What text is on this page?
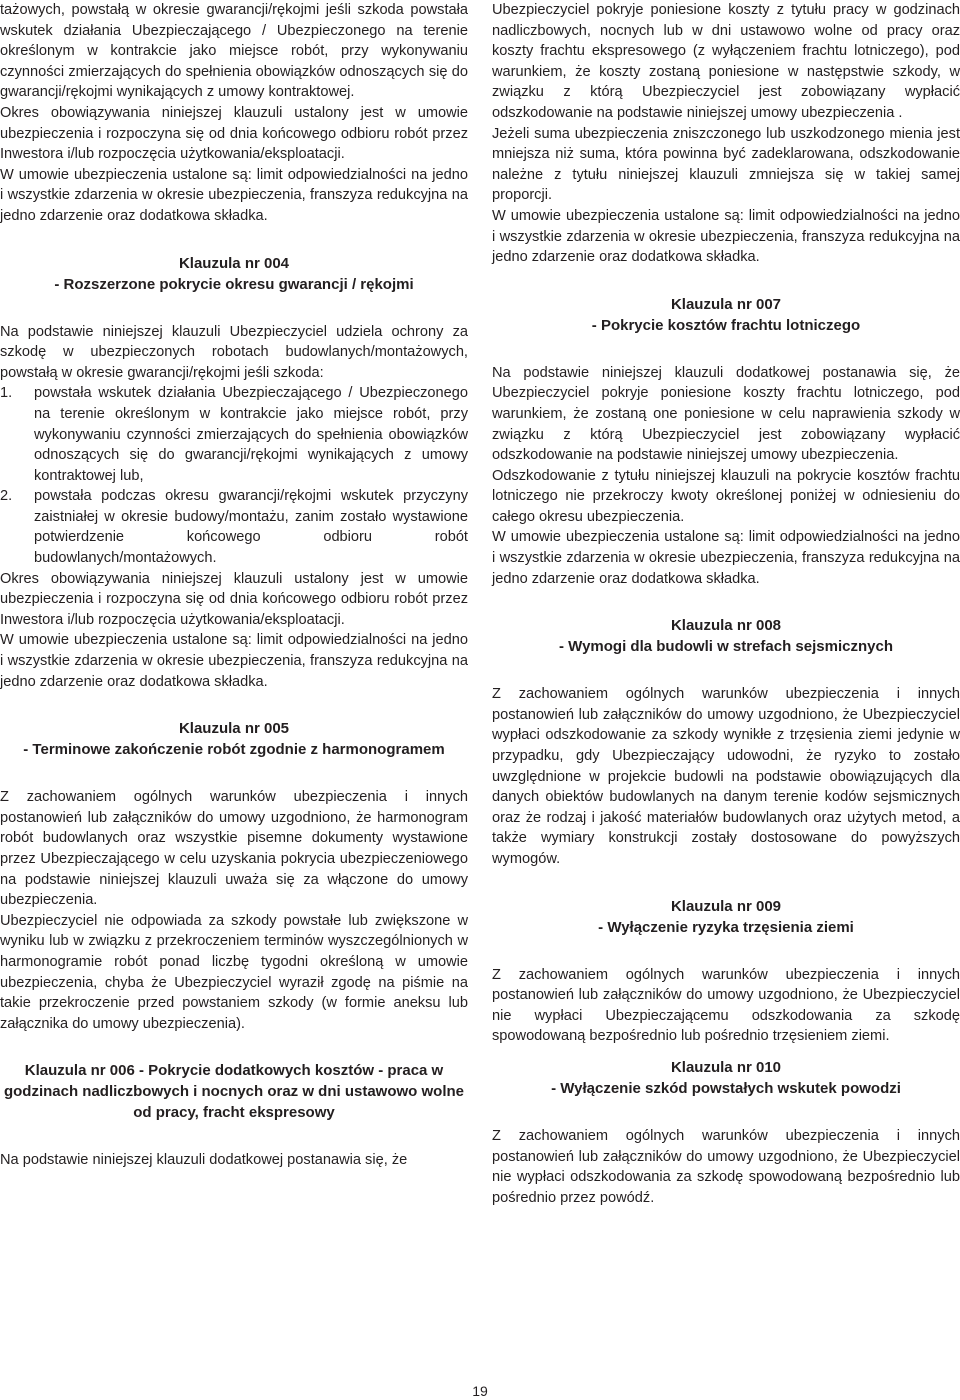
tażowych, powstałą w okresie gwarancji/rękojmi jeśli szkoda powstała wskutek działania Ubezpieczającego / Ubezpieczonego na terenie określonym w kontrakcie jako miejsce robót, przy wykonywaniu czynności zmierzających do spełnienia obowiązków odnoszących się do gwarancji/rękojmi wynikających z umowy kontraktowej.

Okres obowiązywania niniejszej klauzuli ustalony jest w umowie ubezpieczenia i rozpoczyna się od dnia końcowego odbioru robót przez Inwestora i/lub rozpoczęcia użytkowania/eksploatacji.

W umowie ubezpieczenia ustalone są: limit odpowiedzialności na jedno i wszystkie zdarzenia w okresie ubezpieczenia, franszyza redukcyjna na jedno zdarzenie oraz dodatkowa składka.

Klauzula nr 004
- Rozszerzone pokrycie okresu gwarancji / rękojmi

Na podstawie niniejszej klauzuli Ubezpieczyciel udziela ochrony za szkodę w ubezpieczonych robotach budowlanych/montażowych, powstałą w okresie gwarancji/rękojmi jeśli szkoda:

1.	powstała wskutek działania Ubezpieczającego / Ubezpieczonego na terenie określonym w kontrakcie jako miejsce robót, przy wykonywaniu czynności zmierzających do spełnienia obowiązków odnoszących się do gwarancji/rękojmi wynikających z umowy kontraktowej lub,
2.	powstała podczas okresu gwarancji/rękojmi wskutek przyczyny zaistniałej w okresie budowy/montażu, zanim zostało wystawione potwierdzenie końcowego odbioru robót budowlanych/montażowych.

Okres obowiązywania niniejszej klauzuli ustalony jest w umowie ubezpieczenia i rozpoczyna się od dnia końcowego odbioru robót przez Inwestora i/lub rozpoczęcia użytkowania/eksploatacji.

W umowie ubezpieczenia ustalone są: limit odpowiedzialności na jedno i wszystkie zdarzenia w okresie ubezpieczenia, franszyza redukcyjna na jedno zdarzenie oraz dodatkowa składka.

Klauzula nr 005
- Terminowe zakończenie robót zgodnie z harmonogramem

Z zachowaniem ogólnych warunków ubezpieczenia i innych postanowień lub załączników do umowy uzgodniono, że harmonogram robót budowlanych oraz wszystkie pisemne dokumenty wystawione przez Ubezpieczającego w celu uzyskania pokrycia ubezpieczeniowego na podstawie niniejszej klauzuli uważa się za włączone do umowy ubezpieczenia.

Ubezpieczyciel nie odpowiada za szkody powstałe lub zwiększone w wyniku lub w związku z przekroczeniem terminów wyszczególnionych w harmonogramie robót ponad liczbę tygodni określoną w umowie ubezpieczenia, chyba że Ubezpieczyciel wyraził zgodę na piśmie na takie przekroczenie przed powstaniem szkody (w formie aneksu lub załącznika do umowy ubezpieczenia).

Klauzula nr 006 - Pokrycie dodatkowych kosztów - praca w godzinach nadliczbowych i nocnych oraz w dni ustawowo wolne od pracy, fracht ekspresowy

Na podstawie niniejszej klauzuli dodatkowej postanawia się, że

Ubezpieczyciel pokryje poniesione koszty z tytułu pracy w godzinach nadliczbowych, nocnych lub w dni ustawowo wolne od pracy oraz koszty frachtu ekspresowego (z wyłączeniem frachtu lotniczego), pod warunkiem, że koszty zostaną poniesione w następstwie szkody, w związku z którą Ubezpieczyciel jest zobowiązany wypłacić odszkodowanie na podstawie niniejszej umowy ubezpieczenia .

Jeżeli suma ubezpieczenia zniszczonego lub uszkodzonego mienia jest mniejsza niż suma, która powinna być zadeklarowana, odszkodowanie należne z tytułu niniejszej klauzuli zmniejsza się w takiej samej proporcji.

W umowie ubezpieczenia ustalone są: limit odpowiedzialności na jedno i wszystkie zdarzenia w okresie ubezpieczenia, franszyza redukcyjna na jedno zdarzenie oraz dodatkowa składka.

Klauzula nr 007
- Pokrycie kosztów frachtu lotniczego

Na podstawie niniejszej klauzuli dodatkowej postanawia się, że Ubezpieczyciel pokryje poniesione koszty frachtu lotniczego, pod warunkiem, że zostaną one poniesione w celu naprawienia szkody w związku z którą Ubezpieczyciel jest zobowiązany wypłacić odszkodowanie na podstawie niniejszej umowy ubezpieczenia.

Odszkodowanie z tytułu niniejszej klauzuli na pokrycie kosztów frachtu lotniczego nie przekroczy kwoty określonej poniżej w odniesieniu do całego okresu ubezpieczenia.

W umowie ubezpieczenia ustalone są: limit odpowiedzialności na jedno i wszystkie zdarzenia w okresie ubezpieczenia, franszyza redukcyjna na jedno zdarzenie oraz dodatkowa składka.

Klauzula nr 008
- Wymogi dla budowli w strefach sejsmicznych

Z zachowaniem ogólnych warunków ubezpieczenia i innych postanowień lub załączników do umowy uzgodniono, że Ubezpieczyciel wypłaci odszkodowanie za szkody wynikłe z trzęsienia ziemi jedynie w przypadku, gdy Ubezpieczający udowodni, że ryzyko to zostało uwzględnione w projekcie budowli na podstawie obowiązujących dla danych obiektów budowlanych na danym terenie kodów sejsmicznych oraz że rodzaj i jakość materiałów budowlanych oraz użytych metod, a także wymiary konstrukcji zostały dostosowane do powyższych wymogów.

Klauzula nr 009
- Wyłączenie ryzyka trzęsienia ziemi

Z zachowaniem ogólnych warunków ubezpieczenia i innych postanowień lub załączników do umowy uzgodniono, że Ubezpieczyciel nie wypłaci Ubezpieczającemu odszkodowania za szkodę spowodowaną bezpośrednio lub pośrednio trzęsieniem ziemi.

Klauzula nr 010
- Wyłączenie szkód powstałych wskutek powodzi

Z zachowaniem ogólnych warunków ubezpieczenia i innych postanowień lub załączników do umowy uzgodniono, że Ubezpieczyciel nie wypłaci odszkodowania za szkodę spowodowaną bezpośrednio lub pośrednio przez powódź.

19
